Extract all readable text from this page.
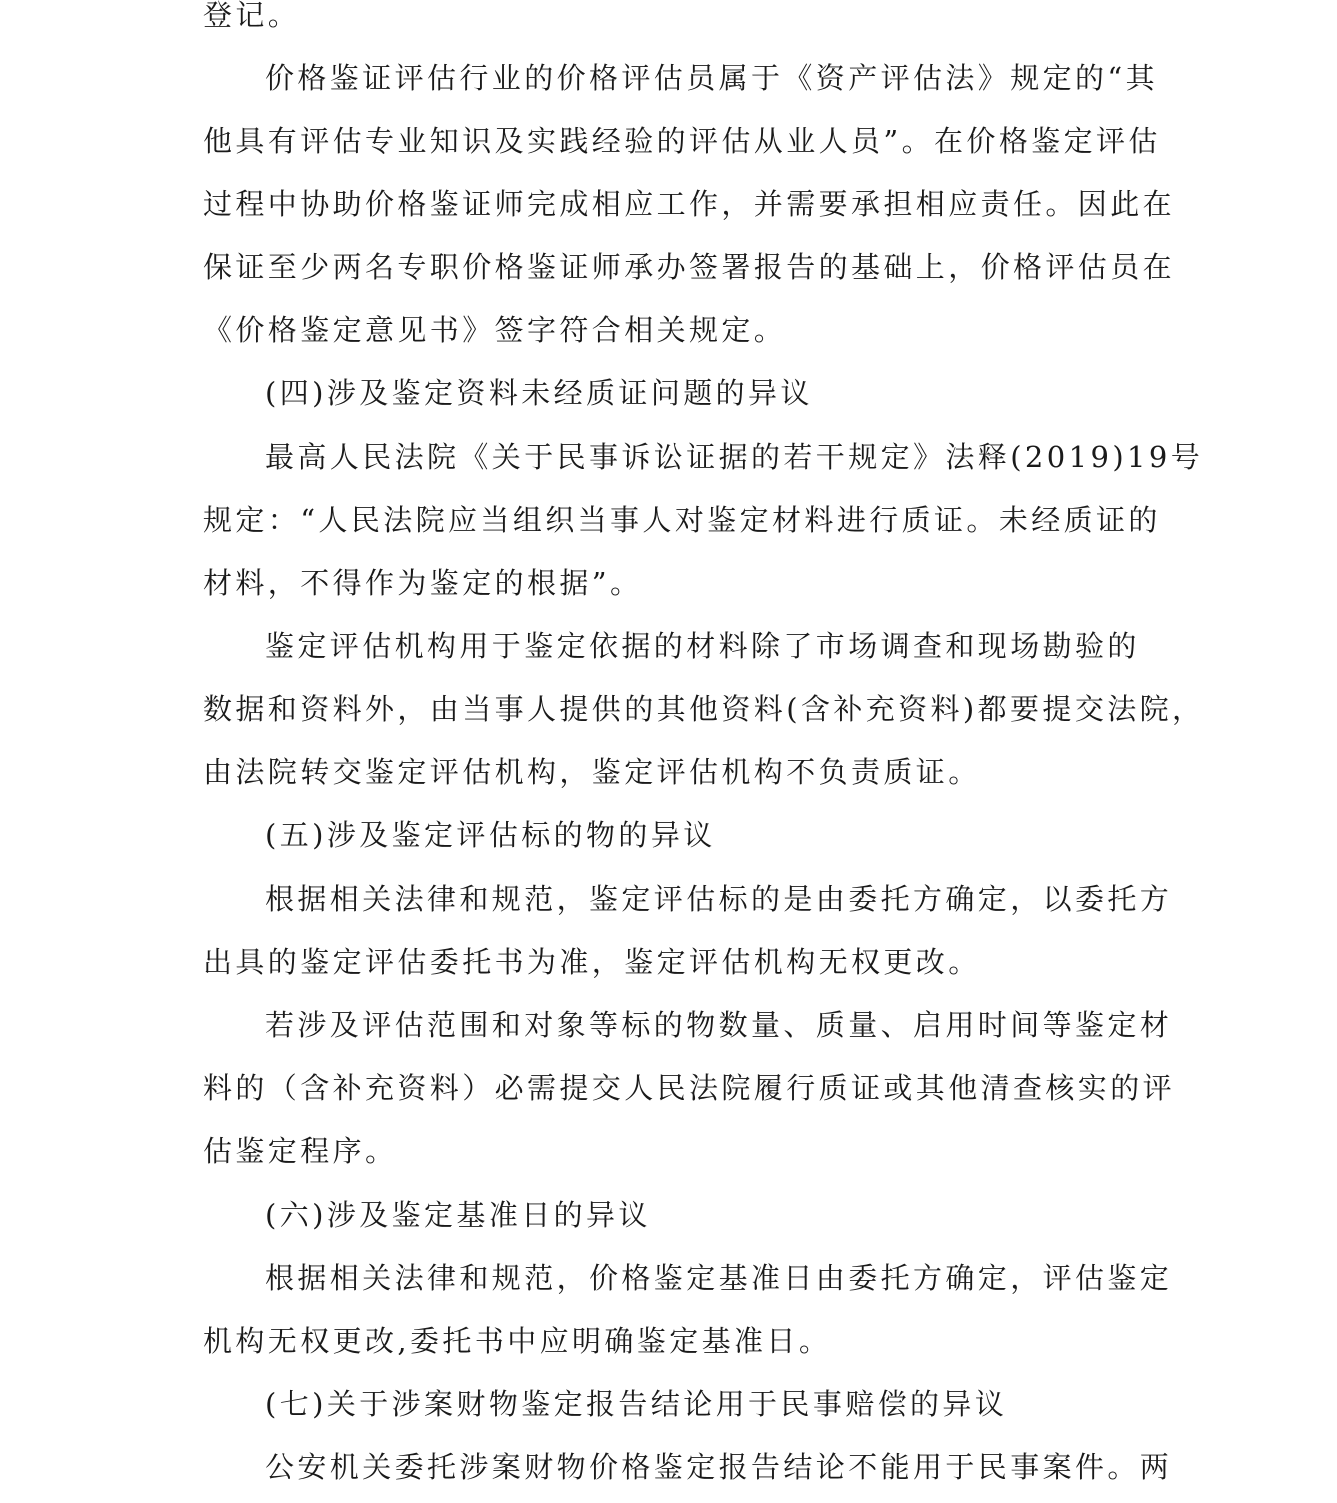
登记。

价格鉴证评估行业的价格评估员属于《资产评估法》规定的“其

他具有评估专业知识及实践经验的评估从业人员”。在价格鉴定评估

过程中协助价格鉴证师完成相应工作，并需要承担相应责任。因此在

保证至少两名专职价格鉴证师承办签署报告的基础上，价格评估员在

《价格鉴定意见书》签字符合相关规定。

(四)涉及鉴定资料未经质证问题的异议

最高人民法院《关于民事诉讼证据的若干规定》法释(2019)19号

规定：“人民法院应当组织当事人对鉴定材料进行质证。未经质证的

材料，不得作为鉴定的根据”。

鉴定评估机构用于鉴定依据的材料除了市场调查和现场勘验的

数据和资料外，由当事人提供的其他资料(含补充资料)都要提交法院，

由法院转交鉴定评估机构，鉴定评估机构不负责质证。

(五)涉及鉴定评估标的物的异议

根据相关法律和规范，鉴定评估标的是由委托方确定，以委托方

出具的鉴定评估委托书为准，鉴定评估机构无权更改。

若涉及评估范围和对象等标的物数量、质量、启用时间等鉴定材

料的（含补充资料）必需提交人民法院履行质证或其他清查核实的评

估鉴定程序。

(六)涉及鉴定基准日的异议

根据相关法律和规范，价格鉴定基准日由委托方确定，评估鉴定

机构无权更改,委托书中应明确鉴定基准日。

(七)关于涉案财物鉴定报告结论用于民事赔偿的异议

公安机关委托涉案财物价格鉴定报告结论不能用于民事案件。两
